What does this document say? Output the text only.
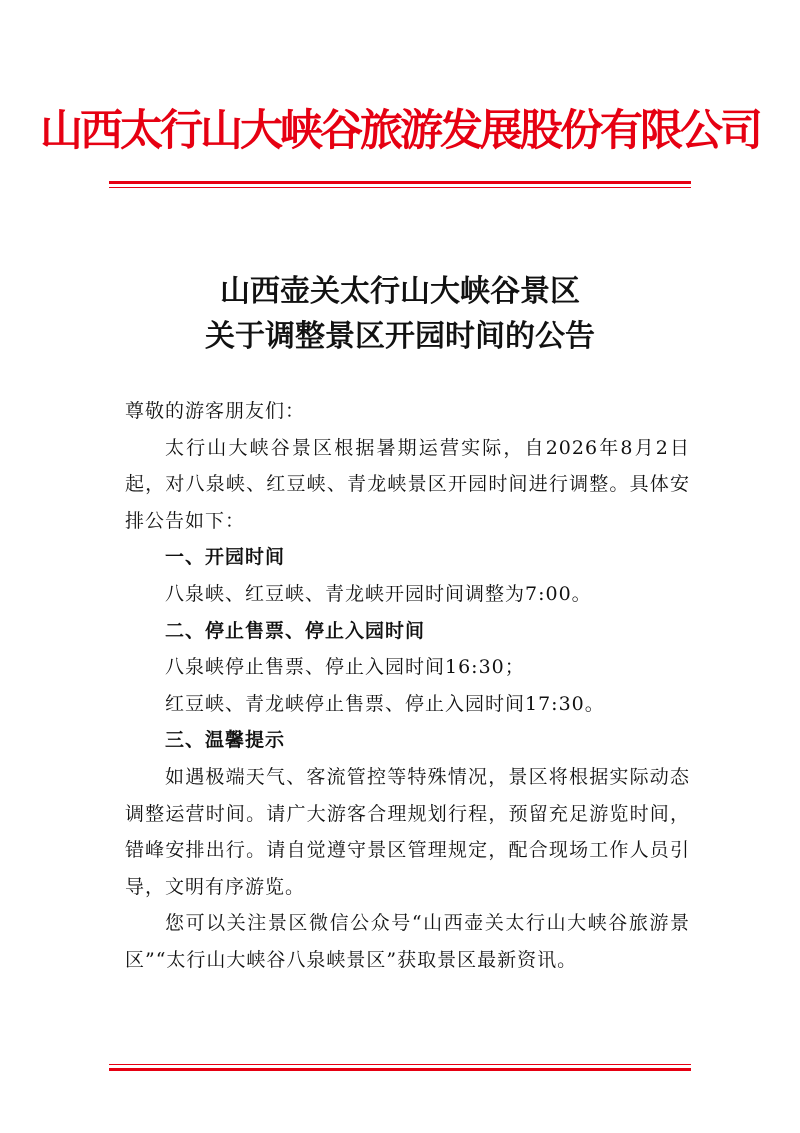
山西太行山大峡谷旅游发展股份有限公司
山西壶关太行山大峡谷景区
关于调整景区开园时间的公告

尊敬的游客朋友们：

太行山大峡谷景区根据暑期运营实际，自2026年8月2日起，对八泉峡、红豆峡、青龙峡景区开园时间进行调整。具体安排公告如下：

一、开园时间

八泉峡、红豆峡、青龙峡开园时间调整为7:00。

二、停止售票、停止入园时间

八泉峡停止售票、停止入园时间16:30；

红豆峡、青龙峡停止售票、停止入园时间17:30。

三、温馨提示

如遇极端天气、客流管控等特殊情况，景区将根据实际动态调整运营时间。请广大游客合理规划行程，预留充足游览时间，错峰安排出行。请自觉遵守景区管理规定，配合现场工作人员引导，文明有序游览。

您可以关注景区微信公众号“山西壶关太行山大峡谷旅游景区”“太行山大峡谷八泉峡景区”获取景区最新资讯。
